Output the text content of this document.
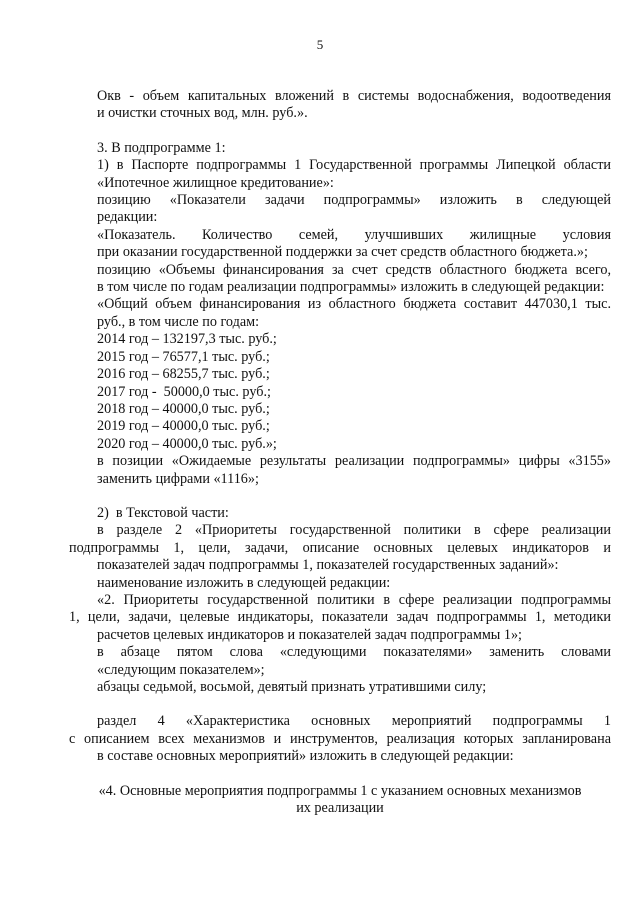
5
Окв - объем капитальных вложений в системы водоснабжения, водоотведения
и очистки сточных вод, млн. руб.».
3. В подпрограмме 1:
1) в Паспорте подпрограммы 1 Государственной программы Липецкой области
«Ипотечное жилищное кредитование»:
позицию «Показатели задачи подпрограммы» изложить в следующей
редакции:
«Показатель. Количество семей, улучшивших жилищные условия
при оказании государственной поддержки за счет средств областного бюджета.»;
позицию «Объемы финансирования за счет средств областного бюджета всего,
в том числе по годам реализации подпрограммы» изложить в следующей редакции:
«Общий объем финансирования из областного бюджета составит 447030,1 тыс.
руб., в том числе по годам:
2014 год – 132197,3 тыс. руб.;
2015 год – 76577,1 тыс. руб.;
2016 год – 68255,7 тыс. руб.;
2017 год -  50000,0 тыс. руб.;
2018 год – 40000,0 тыс. руб.;
2019 год – 40000,0 тыс. руб.;
2020 год – 40000,0 тыс. руб.»;
в позиции «Ожидаемые результаты реализации подпрограммы» цифры «3155»
заменить цифрами «1116»;
2)  в Текстовой части:
в разделе 2 «Приоритеты государственной политики в сфере реализации
подпрограммы 1, цели, задачи, описание основных целевых индикаторов и
показателей задач подпрограммы 1, показателей государственных заданий»:
наименование изложить в следующей редакции:
«2. Приоритеты государственной политики в сфере реализации подпрограммы
1, цели, задачи, целевые индикаторы, показатели задач подпрограммы 1, методики
расчетов целевых индикаторов и показателей задач подпрограммы 1»;
в абзаце пятом слова «следующими показателями» заменить словами
«следующим показателем»;
абзацы седьмой, восьмой, девятый признать утратившими силу;
раздел 4 «Характеристика основных мероприятий подпрограммы 1
с описанием всех механизмов и инструментов, реализация которых запланирована
в составе основных мероприятий» изложить в следующей редакции:
«4. Основные мероприятия подпрограммы 1 с указанием основных механизмов
их реализации
